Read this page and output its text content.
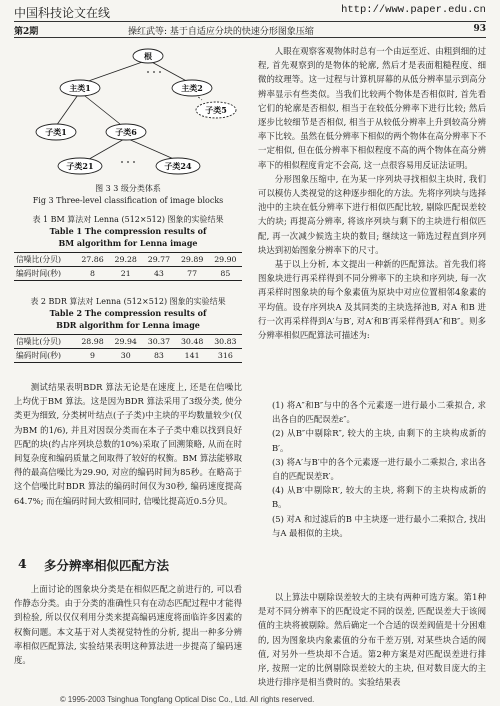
中国科技论文在线	http://www.paper.edu.cn
第2期	操红武等: 基于自适应分块的快速分形图象压缩	93
根
主类1	主类2
子类1	子类6
子类5
子类21	子类24
图 3 3 级分类体系
Fig 3 Three-level classification of image blocks
表 1 BM 算法对 Lenna (512×512) 图象的实验结果
Table 1 The compression results of
BM algorithm for Lenna image
信噪比(分贝)	27.86	29.28	29.77	29.89	29.90
编码时间(秒)	8	21	43	77	85
表 2 BDR 算法对 Lenna (512×512) 图象的实验结果
Table 2 The compression results of
BDR algorithm for Lenna image
信噪比(分贝)	28.98	29.94	30.37	30.48	30.83
编码时间(秒)	9	30	83	141	316

测试结果表明BDR 算法无论是在速度上, 还是在信噪比上均优于BM 算法。这是因为BDR 算法采用了3级分类, 使分类更为细致, 分类树叶结点(子子类)中主块的平均数量较少(仅为BM 的1/6), 并且对因误分类而在本子子类中难以找到良好匹配的块(约占序列块总数的10%)采取了回溯策略, 从而在时间复杂度和编码质量之间取得了较好的权衡。BM 算法能够取得的最高信噪比为29.90, 对应的编码时间为85秒。在略高于这个信噪比时BDR 算法的编码时间仅为30秒, 编码速度提高64.7%; 而在编码时间大致相同时, 信噪比提高近0.5分贝。

4 多分辨率相似匹配方法

上面讨论的图象块分类是在相似匹配之前进行的, 可以看作静态分类。由于分类的准确性只有在动态匹配过程中才能得到检验, 所以仅仅利用分类来提高编码速度将面临许多因素的权衡问题。本文基于对人类视觉特性的分析, 提出一种多分辨率相似匹配算法, 实验结果表明这种算法进一步提高了编码速度。

人眼在观察客观物体时总有一个由远至近、由粗到细的过程, 首先观察到的是物体的轮廓, 然后才是表面粗糙程度、细微的纹理等。这一过程与计算机屏幕的从低分辨率显示到高分辨率显示有些类似。当我们比较两个物体是否相似时, 首先看它们的轮廓是否相似, 相当于在较低分辨率下进行比较; 然后逐步比较细节是否相似, 相当于从较低分辨率上升到较高分辨率下比较。虽然在低分辨率下相似的两个物体在高分辨率下不一定相似, 但在低分辨率下相似程度不高的两个物体在高分辨率下的相似程度肯定不会高, 这一点很容易用反证法证明。

分形图象压缩中, 在为某一序列块寻找相似主块时, 我们可以模仿人类视觉的这种逐步细化的方法。先将序列块与选择池中的主块在低分辨率下进行相似匹配比较, 剔除匹配误差较大的块; 再提高分辨率, 将该序列块与剩下的主块进行相似匹配, 再一次减少候选主块的数目; 继续这一筛选过程直到序列块达到初始图象分辨率下的尺寸。

基于以上分析, 本文提出一种新的匹配算法。首先我们将图象块进行再采样得到不同分辨率下的主块和序列块, 每一次再采样时图象块的每个象素值为原块中对应位置相邻4象素的平均值。设存序列块A 及其同类的主块选择池B, 对A 和B 进行一次再采样得到A′与B′, 对A′和B′再采样得到A″和B″。则多分辨率相似匹配算法可描述为:

(1) 将A″和B″与中的各个元素逐一进行最小二乘拟合, 求出各自的匹配误差ε″。

(2) 从B″中剔除R″, 较大的主块, 由剩下的主块构成新的B′。

(3) 将A′与B′中的各个元素逐一进行最小二乘拟合, 求出各自的匹配误差R′。

(4) 从B′中剔除R′, 较大的主块, 将剩下的主块构成新的B。

(5) 对A 和过滤后的B 中主块逐一进行最小二乘拟合, 找出与A 最相似的主块。

以上算法中剔除误差较大的主块有两种可选方案。第1种是对不同分辨率下的匹配设定不同的误差, 匹配误差大于该阀值的主块将被剔除。然后确定一个合适的误差阀值是十分困难的, 因为图象块内象素值的分布千差万别, 对某些块合适的阀值, 对另外一些块却不合适。第2种方案是对匹配误差进行排序, 按照一定的比例剔除误差较大的主块, 但对数目庞大的主块进行排序是相当费时的。实验结果表

© 1995-2003 Tsinghua Tongfang Optical Disc Co., Ltd. All rights reserved.
